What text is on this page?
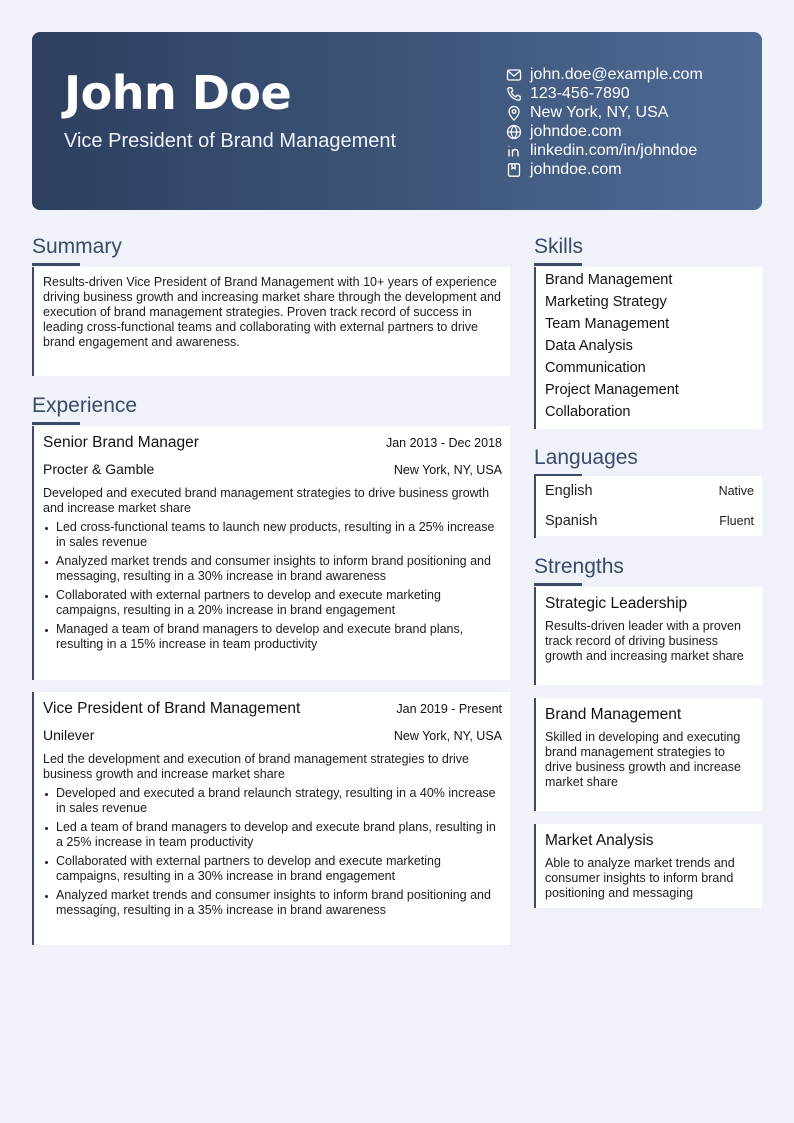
John Doe
Vice President of Brand Management
john.doe@example.com
123-456-7890
New York, NY, USA
johndoe.com
linkedin.com/in/johndoe
johndoe.com
Summary
Results-driven Vice President of Brand Management with 10+ years of experience driving business growth and increasing market share through the development and execution of brand management strategies. Proven track record of success in leading cross-functional teams and collaborating with external partners to drive brand engagement and awareness.
Experience
Senior Brand Manager	Jan 2013 - Dec 2018
Procter & Gamble	New York, NY, USA
Developed and executed brand management strategies to drive business growth and increase market share
Led cross-functional teams to launch new products, resulting in a 25% increase in sales revenue
Analyzed market trends and consumer insights to inform brand positioning and messaging, resulting in a 30% increase in brand awareness
Collaborated with external partners to develop and execute marketing campaigns, resulting in a 20% increase in brand engagement
Managed a team of brand managers to develop and execute brand plans, resulting in a 15% increase in team productivity
Vice President of Brand Management	Jan 2019 - Present
Unilever	New York, NY, USA
Led the development and execution of brand management strategies to drive business growth and increase market share
Developed and executed a brand relaunch strategy, resulting in a 40% increase in sales revenue
Led a team of brand managers to develop and execute brand plans, resulting in a 25% increase in team productivity
Collaborated with external partners to develop and execute marketing campaigns, resulting in a 30% increase in brand engagement
Analyzed market trends and consumer insights to inform brand positioning and messaging, resulting in a 35% increase in brand awareness
Skills
Brand Management
Marketing Strategy
Team Management
Data Analysis
Communication
Project Management
Collaboration
Languages
English	Native
Spanish	Fluent
Strengths
Strategic Leadership
Results-driven leader with a proven track record of driving business growth and increasing market share
Brand Management
Skilled in developing and executing brand management strategies to drive business growth and increase market share
Market Analysis
Able to analyze market trends and consumer insights to inform brand positioning and messaging
